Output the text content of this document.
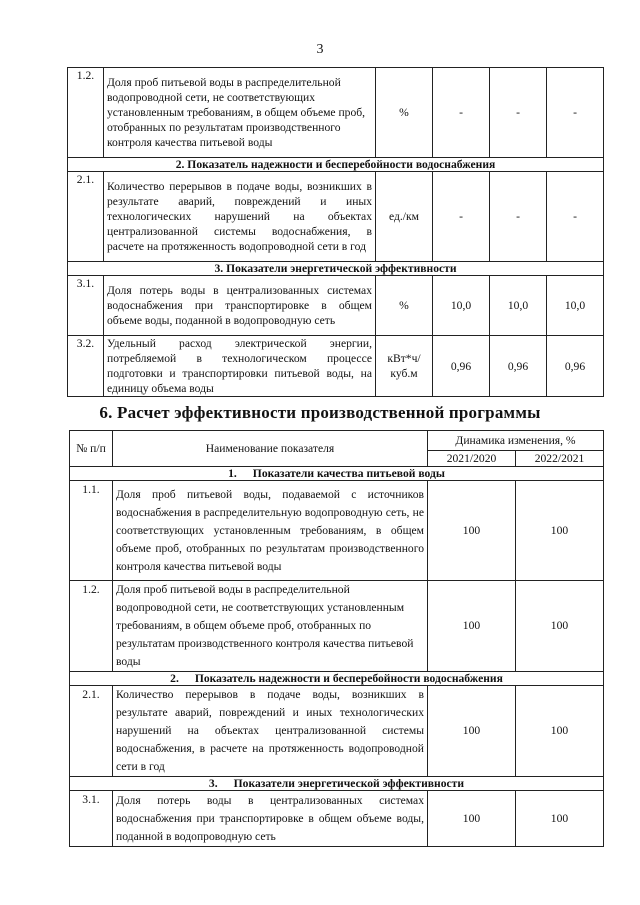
3
1.2.	Доля проб питьевой воды в распределительной водопроводной сети, не соответствующих установленным требованиям, в общем объеме проб, отобранных по результатам производственного контроля качества питьевой воды	%	-	-	-
2. Показатель надежности и бесперебойности водоснабжения					
2.1.	Количество перерывов в подаче воды, возникших в результате аварий, повреждений и иных технологических нарушений на объектах централизованной системы водоснабжения, в расчете на протяженность водопроводной сети в год	ед./км	-	-	-
3. Показатели энергетической эффективности					
3.1.	Доля потерь воды в централизованных системах водоснабжения при транспортировке в общем объеме воды, поданной в водопроводную сеть	%	10,0	10,0	10,0
3.2.	Удельный расход электрической энергии, потребляемой в технологическом процессе подготовки и транспортировки питьевой воды, на единицу объема воды	кВт*ч/ куб.м	0,96	0,96	0,96
6. Расчет эффективности производственной программы
№ п/п	Наименование показателя	Динамика изменения, %	
		2021/2020	2022/2021
1. Показатели качества питьевой воды			
1.1.	Доля проб питьевой воды, подаваемой с источников водоснабжения в распределительную водопроводную сеть, не соответствующих установленным требованиям, в общем объеме проб, отобранных по результатам производственного контроля качества питьевой воды	100	100
1.2.	Доля проб питьевой воды в распределительной водопроводной сети, не соответствующих установленным требованиям, в общем объеме проб, отобранных по результатам производственного контроля качества питьевой воды	100	100
2. Показатель надежности и бесперебойности водоснабжения			
2.1.	Количество перерывов в подаче воды, возникших в результате аварий, повреждений и иных технологических нарушений на объектах централизованной системы водоснабжения, в расчете на протяженность водопроводной сети в год	100	100
3. Показатели энергетической эффективности			
3.1.	Доля потерь воды в централизованных системах водоснабжения при транспортировке в общем объеме воды, поданной в водопроводную сеть	100	100
